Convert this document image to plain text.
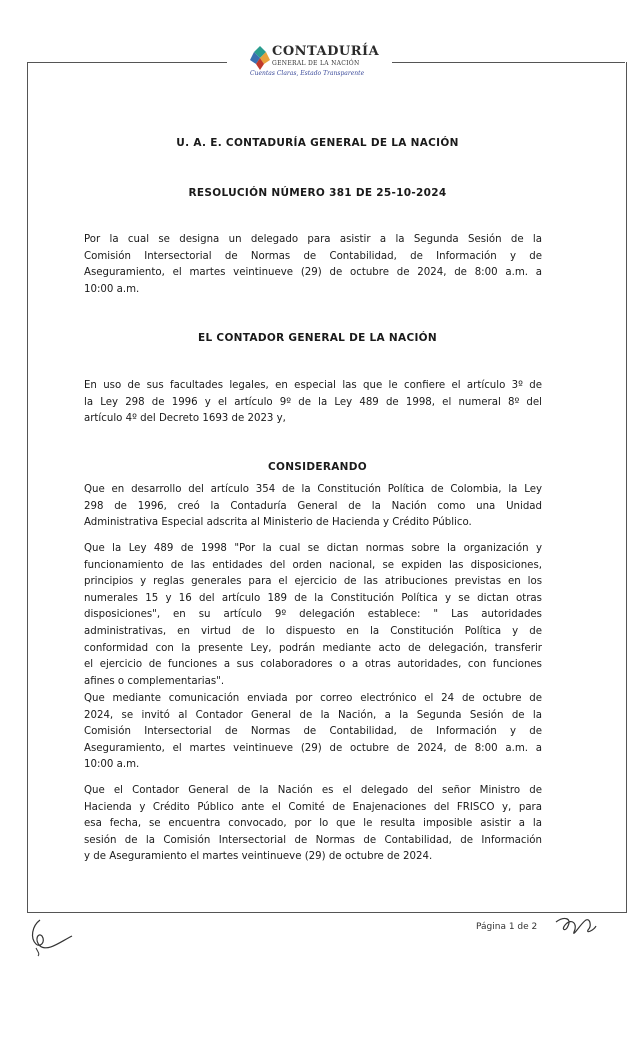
CONTADURÍA
GENERAL DE LA NACIÓN
Cuentas Claras, Estado Transparente
U. A. E. CONTADURÍA GENERAL DE LA NACIÓN
RESOLUCIÓN NÚMERO 381 DE 25-10-2024
Por la cual se designa un delegado para asistir a la Segunda Sesión de la
Comisión Intersectorial de Normas de Contabilidad, de Información y de
Aseguramiento, el martes veintinueve (29) de octubre de 2024, de 8:00 a.m. a
10:00 a.m.
EL CONTADOR GENERAL DE LA NACIÓN
En uso de sus facultades legales, en especial las que le confiere el artículo 3º de
la Ley 298 de 1996 y el artículo 9º de la Ley 489 de 1998, el numeral 8º del
artículo 4º del Decreto 1693 de 2023 y,
CONSIDERANDO
Que en desarrollo del artículo 354 de la Constitución Política de Colombia, la Ley
298 de 1996, creó la Contaduría General de la Nación como una Unidad
Administrativa Especial adscrita al Ministerio de Hacienda y Crédito Público.
Que la Ley 489 de 1998 "Por la cual se dictan normas sobre la organización y
funcionamiento de las entidades del orden nacional, se expiden las disposiciones,
principios y reglas generales para el ejercicio de las atribuciones previstas en los
numerales 15 y 16 del artículo 189 de la Constitución Política y se dictan otras
disposiciones", en su artículo 9º delegación establece: " Las autoridades
administrativas, en virtud de lo dispuesto en la Constitución Política y de
conformidad con la presente Ley, podrán mediante acto de delegación, transferir
el ejercicio de funciones a sus colaboradores o a otras autoridades, con funciones
afines o complementarias".
Que mediante comunicación enviada por correo electrónico el 24 de octubre de
2024, se invitó al Contador General de la Nación, a la Segunda Sesión de la
Comisión Intersectorial de Normas de Contabilidad, de Información y de
Aseguramiento, el martes veintinueve (29) de octubre de 2024, de 8:00 a.m. a
10:00 a.m.
Que el Contador General de la Nación es el delegado del señor Ministro de
Hacienda y Crédito Público ante el Comité de Enajenaciones del FRISCO y, para
esa fecha, se encuentra convocado, por lo que le resulta imposible asistir a la
sesión de la Comisión Intersectorial de Normas de Contabilidad, de Información
y de Aseguramiento el martes veintinueve (29) de octubre de 2024.
Página 1 de 2
